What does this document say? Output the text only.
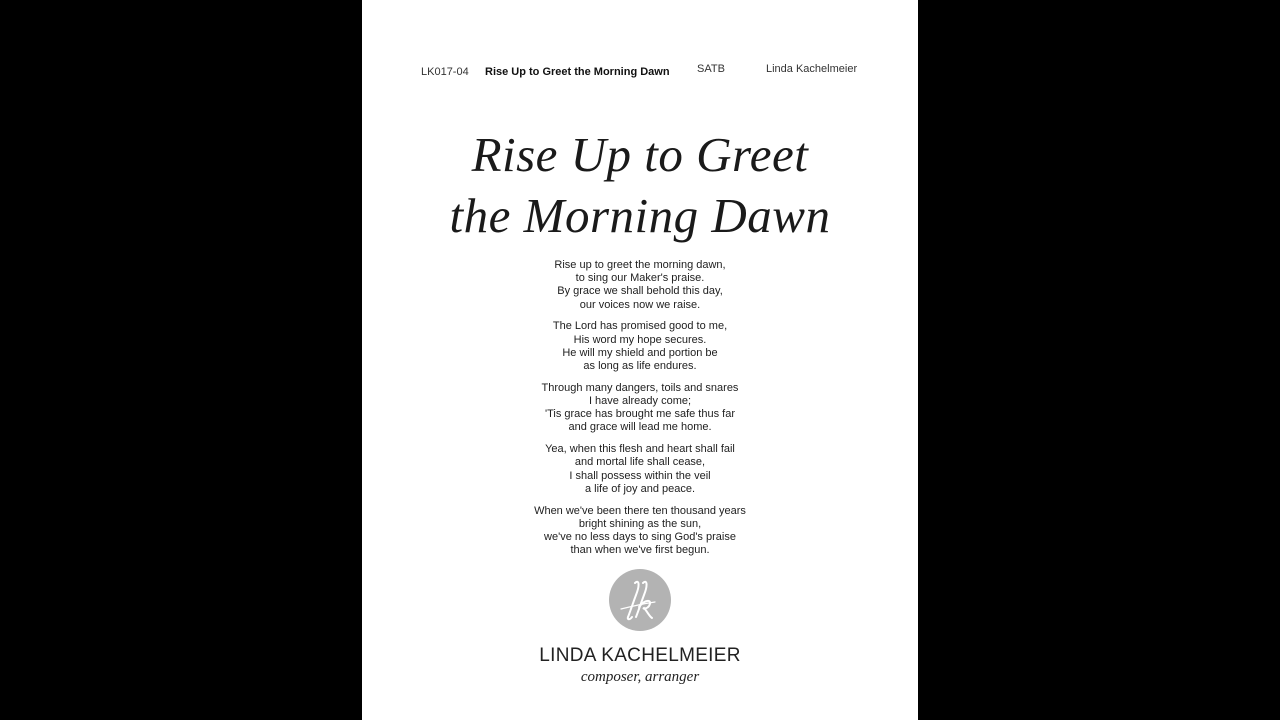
LK017-04 Rise Up to Greet the Morning Dawn SATB	Linda Kachelmeier
Rise Up to Greet
the Morning Dawn
Rise up to greet the morning dawn,
to sing our Maker's praise.
By grace we shall behold this day,
our voices now we raise.
The Lord has promised good to me,
His word my hope secures.
He will my shield and portion be
as long as life endures.
Through many dangers, toils and snares
I have already come;
'Tis grace has brought me safe thus far
and grace will lead me home.
Yea, when this flesh and heart shall fail
and mortal life shall cease,
I shall possess within the veil
a life of joy and peace.
When we've been there ten thousand years
bright shining as the sun,
we've no less days to sing God's praise
than when we've first begun.
LINDA KACHELMEIER
composer, arranger
